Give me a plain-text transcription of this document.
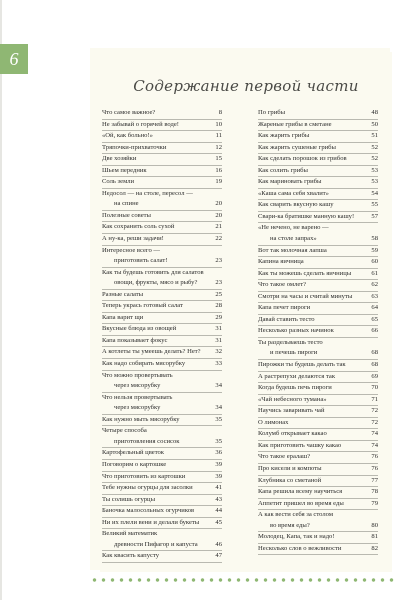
6
Содержание первой части
Что самое важное?	8
Не забывай о горячей воде!	10
«Ой, как больно!»	11
Тряпочки-прихваточки	12
Две хозяйки	15
Шьем передник	16
Соль земли	19
Недосол — на столе, пересол —
на спине	20
Полезные советы	20
Как сохранить соль сухой	21
А ну-ка, реши задачи!	22
Интересное всего —
приготовить салат!	23
Как ты будешь готовить для салатов
овощи, фрукты, мясо и рыбу?	23
Разные салаты	25
Теперь укрась готовый салат	28
Капа варит щи	29
Вкусные блюда из овощей	31
Капа показывает фокус	31
А котлеты ты умеешь делать? Нет?	32
Как надо собирать мясорубку	33
Что можно провертывать
через мясорубку	34
Что нельзя провертывать
через мясорубку	34
Как нужно мыть мясорубку	35
Четыре способа
приготовления сосисок	35
Картофельный цветок	36
Поговорим о картошке	39
Что приготовить из картошки	39
Тебе нужны огурцы для засолки	41
Ты солишь огурцы	43
Баночка малосольных огурчиков	44
Ни их плели вени и делали букеты	45
Великий математик
древности Пифагор и капуста	46
Как квасить капусту	47
По грибы	48
Жареные грибы в сметане	50
Как жарить грибы	51
Как жарить сушеные грибы	52
Как сделать порошок из грибов	52
Как солить грибы	53
Как мариновать грибы	53
«Каша сама себя хвалит»	54
Как сварить вкусную кашу	55
Свари-ка братишке манную кашу!	57
«Не нечено, не варено —
на столе запрах»	58
Вот так молочная лапша	59
Капина яичница	60
Как ты можешь сделать яичницы	61
Что такое омлет?	62
Смотри на часы и считай минуты	63
Капа печет пироги	64
Давай ставить тесто	65
Несколько разных начинок	66
Ты раздельваешь тесто
и печешь пироги	68
Пирожки ты будешь делать так	68
А растрепухи делаются так	69
Когда будешь печь пироги	70
«Чай небесного тумана»	71
Научись заваривать чай	72
О лимонах	72
Колумб открывает какао	74
Как приготовить чашку какао	74
Что такое ералаш?	76
Про кисели и компоты	76
Клубника со сметаной	77
Капа решила всему научиться	78
Аппетит пришел во время еды	79
А как вести себя за столом
во время еды?	80
Молодец, Капа, так и надо!	81
Несколько слов о вежливости	82
